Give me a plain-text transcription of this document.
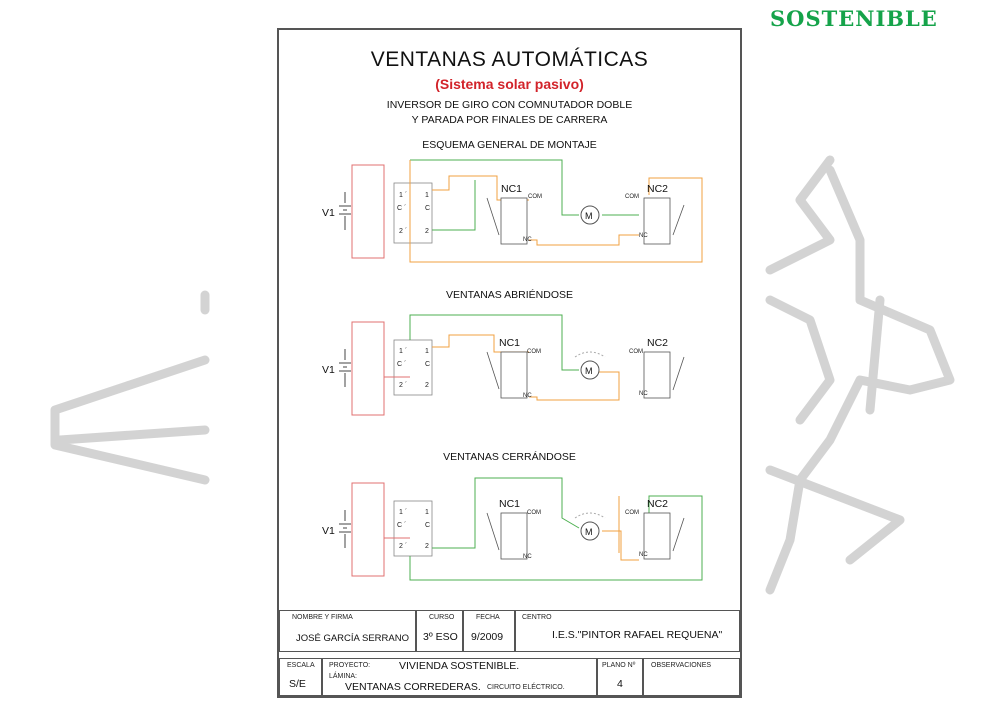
SOSTENIBLE
VENTANAS AUTOMÁTICAS
(Sistema solar pasivo)
INVERSOR DE GIRO CON COMNUTADOR DOBLE
Y PARADA POR FINALES DE CARRERA
ESQUEMA GENERAL DE MONTAJE
VENTANAS ABRIÉNDOSE
VENTANAS CERRÁNDOSE
V1
1 ´	1
C ´	C
2 ´	2
NC1
COM
NC
M
NC2
COM
NC
V1
1 ´	1
C ´	C
2 ´	2
NC1
COM
NC
M
NC2
COM
NC
V1
1 ´	1
C ´	C
2 ´	2
NC1
COM
NC
M
NC2
COM
NC
NOMBRE Y FIRMA
JOSÉ GARCÍA SERRANO
CURSO
3º ESO
FECHA
9/2009
CENTRO
I.E.S."PINTOR RAFAEL REQUENA"
ESCALA
S/E
PROYECTO:	VIVIENDA SOSTENIBLE.
LÁMINA:
VENTANAS CORREDERAS. CIRCUITO ELÉCTRICO.
PLANO Nº
4
OBSERVACIONES
